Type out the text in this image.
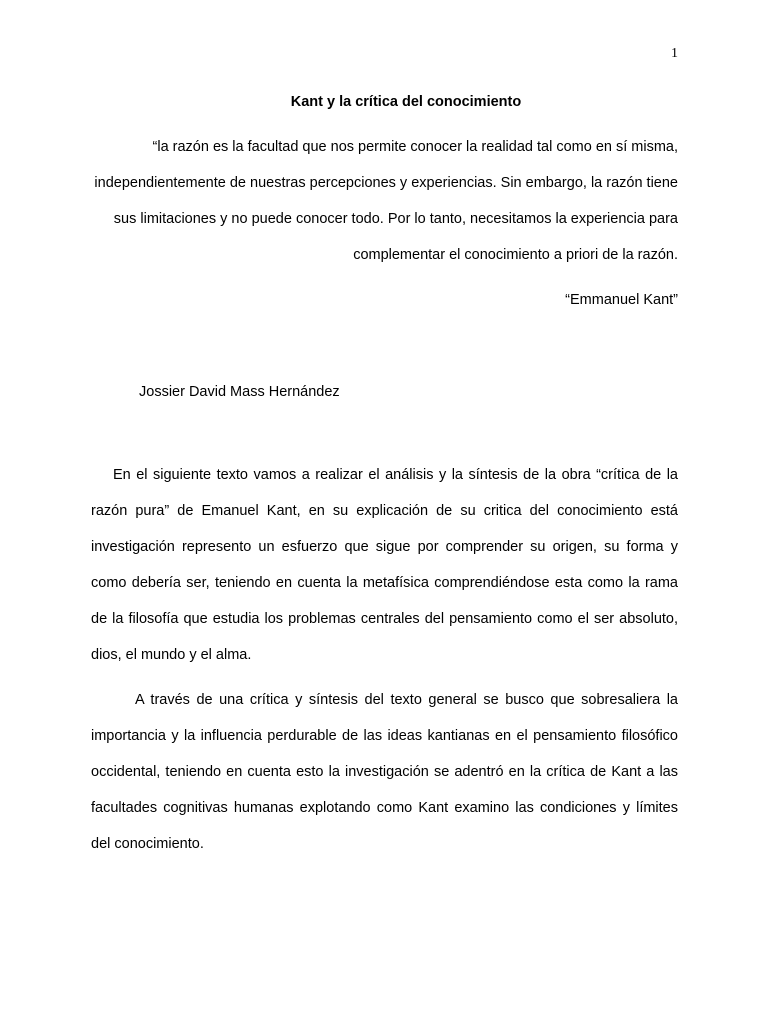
1
Kant y la crítica del conocimiento
“la razón es la facultad que nos permite conocer la realidad tal como en sí misma, independientemente de nuestras percepciones y experiencias. Sin embargo, la razón tiene sus limitaciones y no puede conocer todo. Por lo tanto, necesitamos la experiencia para complementar el conocimiento a priori de la razón.
“Emmanuel Kant”
Jossier David Mass Hernández
En el siguiente texto vamos a realizar el análisis y la síntesis de la obra “crítica de la razón pura” de Emanuel Kant, en su explicación de su critica del conocimiento está investigación represento un esfuerzo que sigue por comprender su origen, su forma y como debería ser, teniendo en cuenta la metafísica comprendiéndose esta como la rama de la filosofía que estudia los problemas centrales del pensamiento como el ser absoluto, dios, el mundo y el alma.
A través de una crítica y síntesis del texto general se busco que sobresaliera la importancia y la influencia perdurable de las ideas kantianas en el pensamiento filosófico occidental, teniendo en cuenta esto la investigación se adentró en la crítica de Kant a las facultades cognitivas humanas explotando como Kant examino las condiciones y límites del conocimiento.
